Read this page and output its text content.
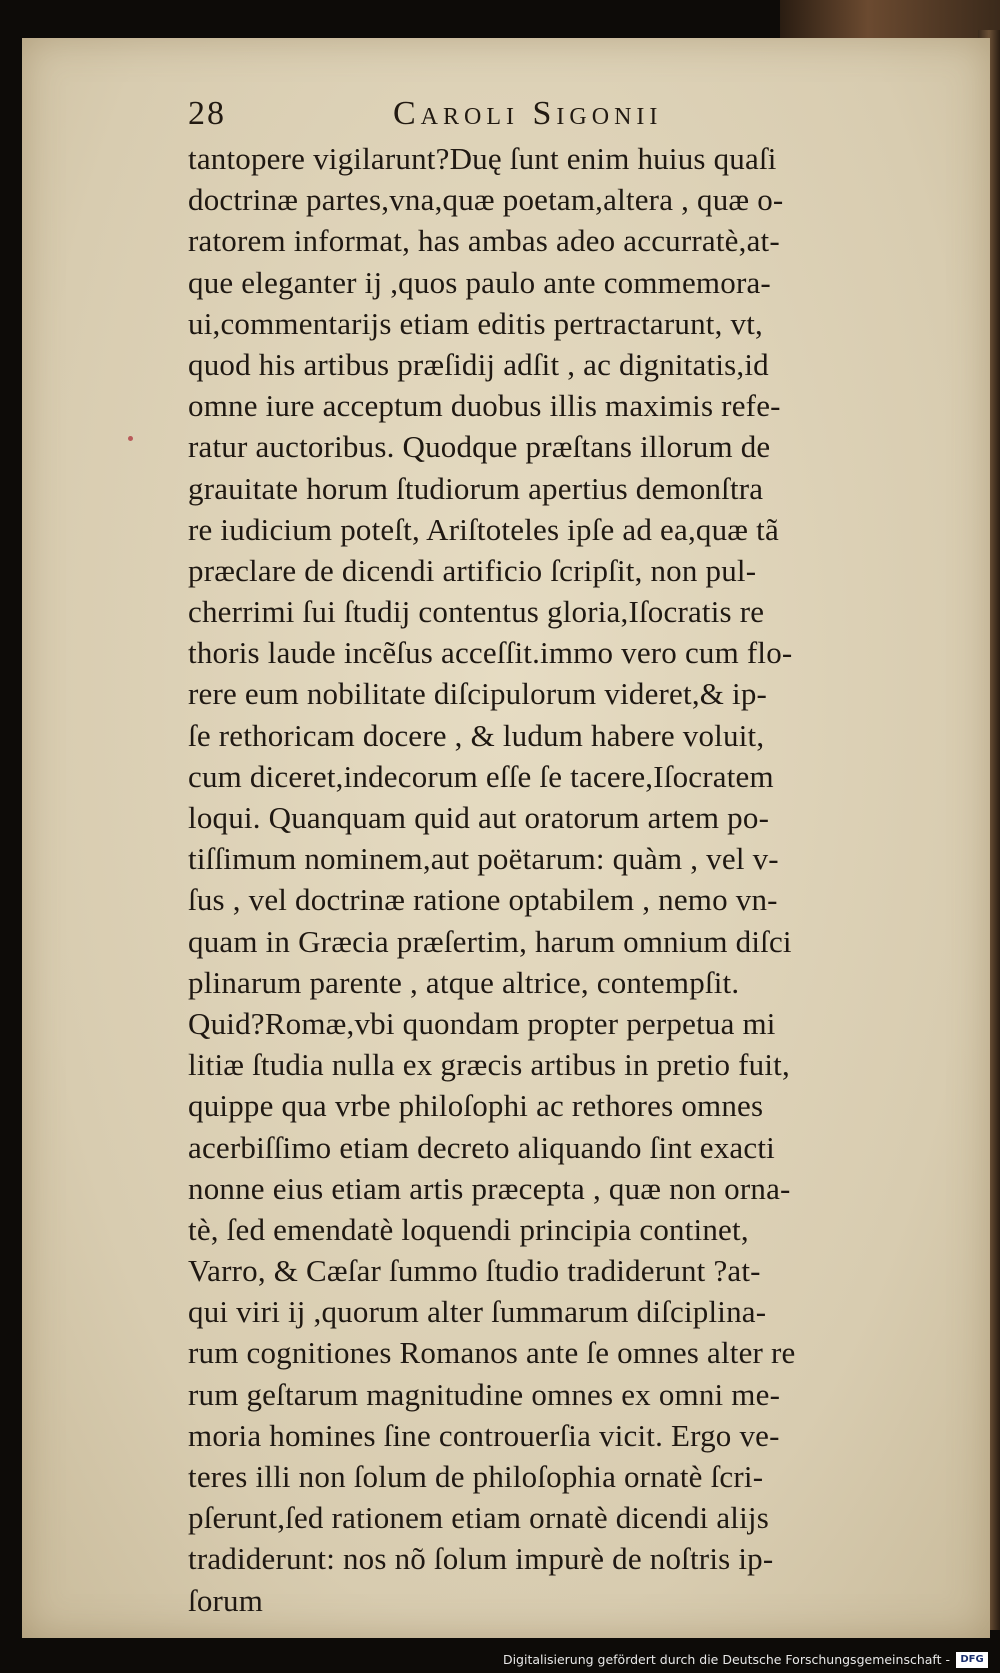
28	Caroli Sigonii
tantopere vigilarunt?Duę ſunt enim huius quaſi
doctrinæ partes,vna,quæ poetam,altera , quæ o-
ratorem informat, has ambas adeo accurratè,at-
que eleganter ij ,quos paulo ante commemora-
ui,commentarijs etiam editis pertractarunt, vt,
quod his artibus præſidij adſit , ac dignitatis,id
omne iure acceptum duobus illis maximis refe-
ratur auctoribus. Quodque præſtans illorum de
grauitate horum ſtudiorum apertius demonſtra
re iudicium poteſt, Ariſtoteles ipſe ad ea,quæ tã
præclare de dicendi artificio ſcripſit, non pul-
cherrimi ſui ſtudij contentus gloria,Iſocratis re
thoris laude incẽſus acceſſit.immo vero cum flo-
rere eum nobilitate diſcipulorum videret,& ip-
ſe rethoricam docere , & ludum habere voluit,
cum diceret,indecorum eſſe ſe tacere,Iſocratem
loqui. Quanquam quid aut oratorum artem po-
tiſſimum nominem,aut poëtarum: quàm , vel v-
ſus , vel doctrinæ ratione optabilem , nemo vn-
quam in Græcia præſertim, harum omnium diſci
plinarum parente , atque altrice, contempſit.
Quid?Romæ,vbi quondam propter perpetua mi
litiæ ſtudia nulla ex græcis artibus in pretio fuit,
quippe qua vrbe philoſophi ac rethores omnes
acerbiſſimo etiam decreto aliquando ſint exacti
nonne eius etiam artis præcepta , quæ non orna-
tè, ſed emendatè loquendi principia continet,
Varro, & Cæſar ſummo ſtudio tradiderunt ?at-
qui viri ij ,quorum alter ſummarum diſciplina-
rum cognitiones Romanos ante ſe omnes alter re
rum geſtarum magnitudine omnes ex omni me-
moria homines ſine controuerſia vicit. Ergo ve-
teres illi non ſolum de philoſophia ornatè ſcri-
pſerunt,ſed rationem etiam ornatè dicendi alijs
tradiderunt: nos nõ ſolum impurè de noſtris ip-
ſorum
Digitalisierung gefördert durch die Deutsche Forschungsgemeinschaft -	DFG
